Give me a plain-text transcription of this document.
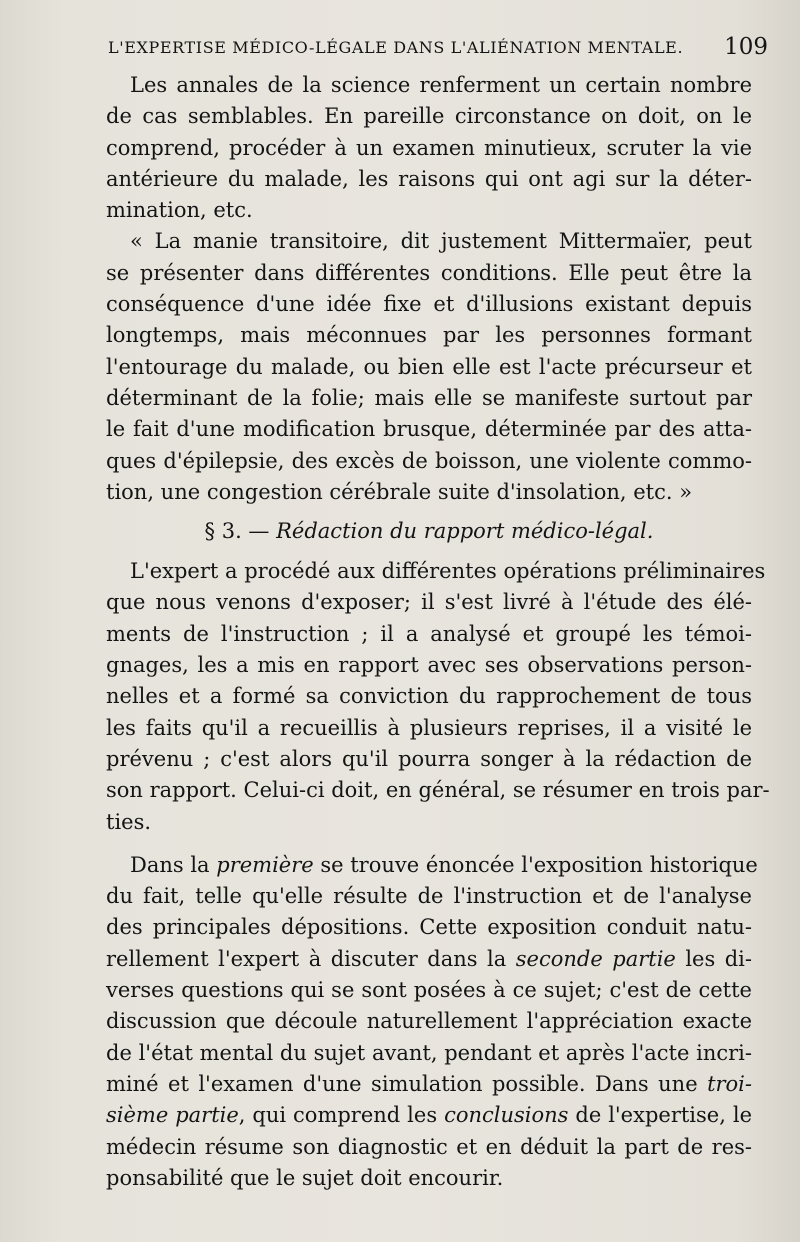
L'EXPERTISE MÉDICO-LÉGALE DANS L'ALIÉNATION MENTALE. 109
Les annales de la science renferment un certain nombre
de cas semblables. En pareille circonstance on doit, on le
comprend, procéder à un examen minutieux, scruter la vie
antérieure du malade, les raisons qui ont agi sur la déter-
mination, etc.
« La manie transitoire, dit justement Mittermaïer, peut
se présenter dans différentes conditions. Elle peut être la
conséquence d'une idée fixe et d'illusions existant depuis
longtemps, mais méconnues par les personnes formant
l'entourage du malade, ou bien elle est l'acte précurseur et
déterminant de la folie; mais elle se manifeste surtout par
le fait d'une modification brusque, déterminée par des atta-
ques d'épilepsie, des excès de boisson, une violente commo-
tion, une congestion cérébrale suite d'insolation, etc. »
§ 3. — Rédaction du rapport médico-légal.
L'expert a procédé aux différentes opérations préliminaires
que nous venons d'exposer; il s'est livré à l'étude des élé-
ments de l'instruction ; il a analysé et groupé les témoi-
gnages, les a mis en rapport avec ses observations person-
nelles et a formé sa conviction du rapprochement de tous
les faits qu'il a recueillis à plusieurs reprises, il a visité le
prévenu ; c'est alors qu'il pourra songer à la rédaction de
son rapport. Celui-ci doit, en général, se résumer en trois par-
ties.
Dans la première se trouve énoncée l'exposition historique
du fait, telle qu'elle résulte de l'instruction et de l'analyse
des principales dépositions. Cette exposition conduit natu-
rellement l'expert à discuter dans la seconde partie les di-
verses questions qui se sont posées à ce sujet; c'est de cette
discussion que découle naturellement l'appréciation exacte
de l'état mental du sujet avant, pendant et après l'acte incri-
miné et l'examen d'une simulation possible. Dans une troi-
sième partie, qui comprend les conclusions de l'expertise, le
médecin résume son diagnostic et en déduit la part de res-
ponsabilité que le sujet doit encourir.
